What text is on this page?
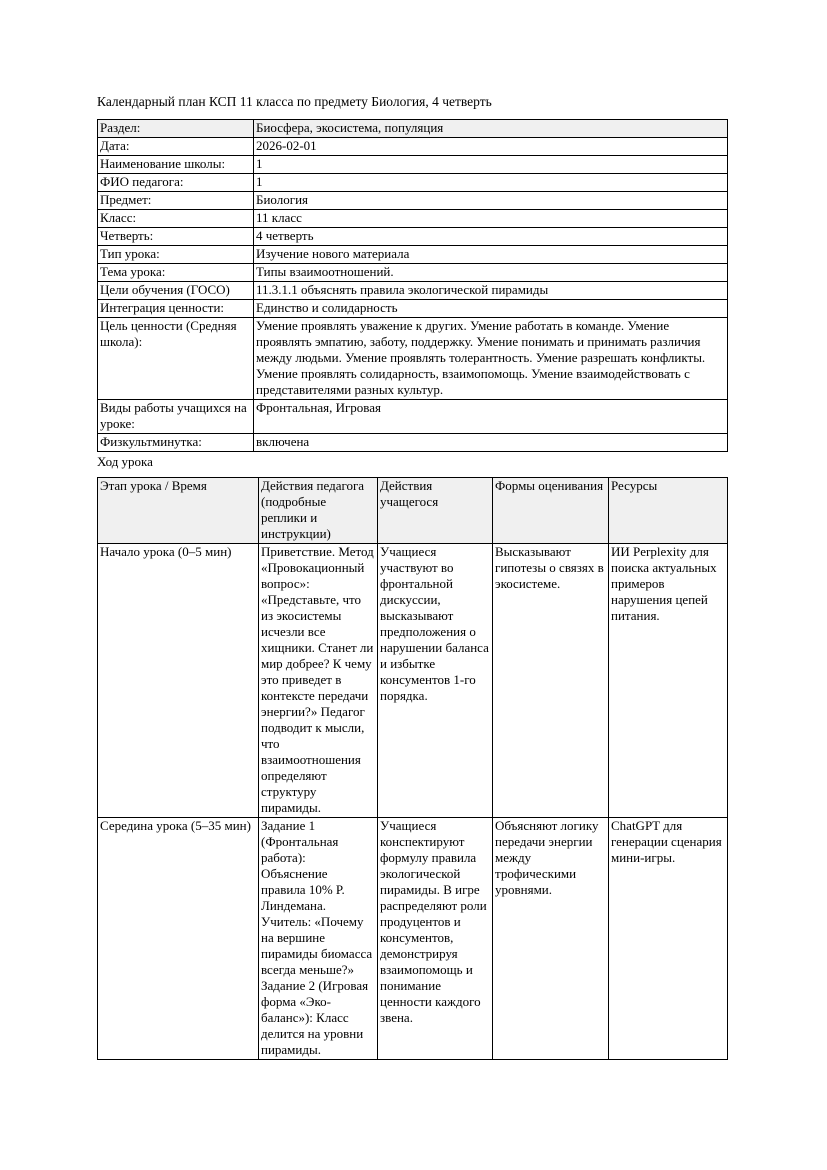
Календарный план КСП 11 класса по предмету Биология, 4 четверть

Раздел:	Биосфера, экосистема, популяция
Дата:	2026-02-01
Наименование школы:	1
ФИО педагога:	1
Предмет:	Биология
Класс:	11 класс
Четверть:	4 четверть
Тип урока:	Изучение нового материала
Тема урока:	Типы взаимоотношений.
Цели обучения (ГОСО)	11.3.1.1 объяснять правила экологической пирамиды
Интеграция ценности:	Единство и солидарность
Цель ценности (Средняя школа):	Умение проявлять уважение к других. Умение работать в команде. Умение проявлять эмпатию, заботу, поддержку. Умение понимать и принимать различия между людьми. Умение проявлять толерантность. Умение разрешать конфликты. Умение проявлять солидарность, взаимопомощь. Умение взаимодействовать с представителями разных культур.
Виды работы учащихся на уроке:	Фронтальная, Игровая
Физкультминутка:	включена

Ход урока

Этап урока / Время	Действия педагога (подробные реплики и инструкции)	Действия учащегося	Формы оценивания	Ресурсы
Начало урока (0–5 мин)	Приветствие. Метод «Провокационный вопрос»: «Представьте, что из экосистемы исчезли все хищники. Станет ли мир добрее? К чему это приведет в контексте передачи энергии?» Педагог подводит к мысли, что взаимоотношения определяют структуру пирамиды.	Учащиеся участвуют во фронтальной дискуссии, высказывают предположения о нарушении баланса и избытке консументов 1-го порядка.	Высказывают гипотезы о связях в экосистеме.	ИИ Perplexity для поиска актуальных примеров нарушения цепей питания.
Середина урока (5–35 мин)	Задание 1 (Фронтальная работа): Объяснение правила 10% Р. Линдемана. Учитель: «Почему на вершине пирамиды биомасса всегда меньше?» Задание 2 (Игровая форма «Эко-баланс»): Класс делится на уровни пирамиды.	Учащиеся конспектируют формулу правила экологической пирамиды. В игре распределяют роли продуцентов и консументов, демонстрируя взаимопомощь и понимание ценности каждого звена.	Объясняют логику передачи энергии между трофическими уровнями.	ChatGPT для генерации сценария мини-игры.
